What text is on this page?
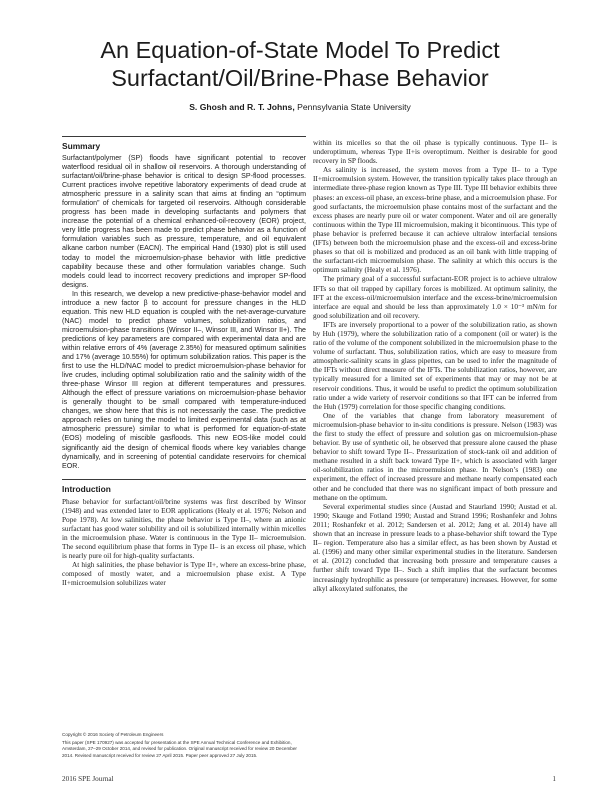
An Equation-of-State Model To Predict
Surfactant/Oil/Brine-Phase Behavior
S. Ghosh and R. T. Johns, Pennsylvania State University
Summary

Surfactant/polymer (SP) floods have significant potential to recover waterflood residual oil in shallow oil reservoirs. A thorough understanding of surfactant/oil/brine-phase behavior is critical to design SP-flood processes. Current practices involve repetitive laboratory experiments of dead crude at atmospheric pressure in a salinity scan that aims at finding an “optimum formulation” of chemicals for targeted oil reservoirs. Although considerable progress has been made in developing surfactants and polymers that increase the potential of a chemical enhanced-oil-recovery (EOR) project, very little progress has been made to predict phase behavior as a function of formulation variables such as pressure, temperature, and oil equivalent alkane carbon number (EACN). The empirical Hand (1930) plot is still used today to model the microemulsion-phase behavior with little predictive capability because these and other formulation variables change. Such models could lead to incorrect recovery predictions and improper SP-flood designs.

In this research, we develop a new predictive-phase-behavior model and introduce a new factor β to account for pressure changes in the HLD equation. This new HLD equation is coupled with the net-average-curvature (NAC) model to predict phase volumes, solubilization ratios, and microemulsion-phase transitions (Winsor II–, Winsor III, and Winsor II+). The predictions of key parameters are compared with experimental data and are within relative errors of 4% (average 2.35%) for measured optimum salinities and 17% (average 10.55%) for optimum solubilization ratios. This paper is the first to use the HLD/NAC model to predict microemulsion-phase behavior for live crudes, including optimal solubilization ratio and the salinity width of the three-phase Winsor III region at different temperatures and pressures. Although the effect of pressure variations on microemulsion-phase behavior is generally thought to be small compared with temperature-induced changes, we show here that this is not necessarily the case. The predictive approach relies on tuning the model to limited experimental data (such as at atmospheric pressure) similar to what is performed for equation-of-state (EOS) modeling of miscible gasfloods. This new EOS-like model could significantly aid the design of chemical floods where key variables change dynamically, and in screening of potential candidate reservoirs for chemical EOR.

Introduction

Phase behavior for surfactant/oil/brine systems was first described by Winsor (1948) and was extended later to EOR applications (Healy et al. 1976; Nelson and Pope 1978). At low salinities, the phase behavior is Type II–, where an anionic surfactant has good water solubility and oil is solubilized internally within micelles in the microemulsion phase. Water is continuous in the Type II– microemulsion. The second equilibrium phase that forms in Type II– is an excess oil phase, which is nearly pure oil for high-quality surfactants.

At high salinities, the phase behavior is Type II+, where an excess-brine phase, composed of mostly water, and a microemulsion phase exist. A Type II+microemulsion solubilizes water

Copyright © 2016 Society of Petroleum Engineers

This paper (SPE 170927) was accepted for presentation at the SPE Annual Technical Conference and Exhibition, Amsterdam, 27–29 October 2014, and revised for publication. Original manuscript received for review 20 December 2014. Revised manuscript received for review 27 April 2015. Paper peer approved 27 July 2015.

within its micelles so that the oil phase is typically continuous. Type II– is underoptimum, whereas Type II+is overoptimum. Neither is desirable for good recovery in SP floods.

As salinity is increased, the system moves from a Type II– to a Type II+microemulsion system. However, the transition typically takes place through an intermediate three-phase region known as Type III. Type III behavior exhibits three phases: an excess-oil phase, an excess-brine phase, and a microemulsion phase. For good surfactants, the microemulsion phase contains most of the surfactant and the excess phases are nearly pure oil or water component. Water and oil are generally continuous within the Type III microemulsion, making it bicontinuous. This type of phase behavior is preferred because it can achieve ultralow interfacial tensions (IFTs) between both the microemulsion phase and the excess-oil and excess-brine phases so that oil is mobilized and produced as an oil bank with little trapping of the surfactant-rich microemulsion phase. The salinity at which this occurs is the optimum salinity (Healy et al. 1976).

The primary goal of a successful surfactant-EOR project is to achieve ultralow IFTs so that oil trapped by capillary forces is mobilized. At optimum salinity, the IFT at the excess-oil/microemulsion interface and the excess-brine/microemulsion interface are equal and should be less than approximately 1.0 × 10⁻³ mN/m for good solubilization and oil recovery.

IFTs are inversely proportional to a power of the solubilization ratio, as shown by Huh (1979), where the solubilization ratio of a component (oil or water) is the ratio of the volume of the component solubilized in the microemulsion phase to the volume of surfactant. Thus, solubilization ratios, which are easy to measure from atmospheric-salinity scans in glass pipettes, can be used to infer the magnitude of the IFTs without direct measure of the IFTs. The solubilization ratios, however, are typically measured for a limited set of experiments that may or may not be at reservoir conditions. Thus, it would be useful to predict the optimum solubilization ratio under a wide variety of reservoir conditions so that IFT can be inferred from the Huh (1979) correlation for those specific changing conditions.

One of the variables that change from laboratory measurement of microemulsion-phase behavior to in-situ conditions is pressure. Nelson (1983) was the first to study the effect of pressure and solution gas on microemulsion-phase behavior. By use of synthetic oil, he observed that pressure alone caused the phase behavior to shift toward Type II–. Pressurization of stock-tank oil and addition of methane resulted in a shift back toward Type II+, which is associated with larger oil-solubilization ratios in the microemulsion phase. In Nelson’s (1983) one experiment, the effect of increased pressure and methane nearly compensated each other and he concluded that there was no significant impact of both pressure and methane on the optimum.

Several experimental studies since (Austad and Staurland 1990; Austad et al. 1990; Skauge and Fotland 1990; Austad and Strand 1996; Roshanfekr and Johns 2011; Roshanfekr et al. 2012; Sandersen et al. 2012; Jang et al. 2014) have all shown that an increase in pressure leads to a phase-behavior shift toward the Type II– region. Temperature also has a similar effect, as has been shown by Austad et al. (1996) and many other similar experimental studies in the literature. Sandersen et al. (2012) concluded that increasing both pressure and temperature causes a further shift toward Type II–. Such a shift implies that the surfactant becomes increasingly hydrophilic as pressure (or temperature) increases. However, for some alkyl alkoxylated sulfonates, the

2016 SPE Journal	1
